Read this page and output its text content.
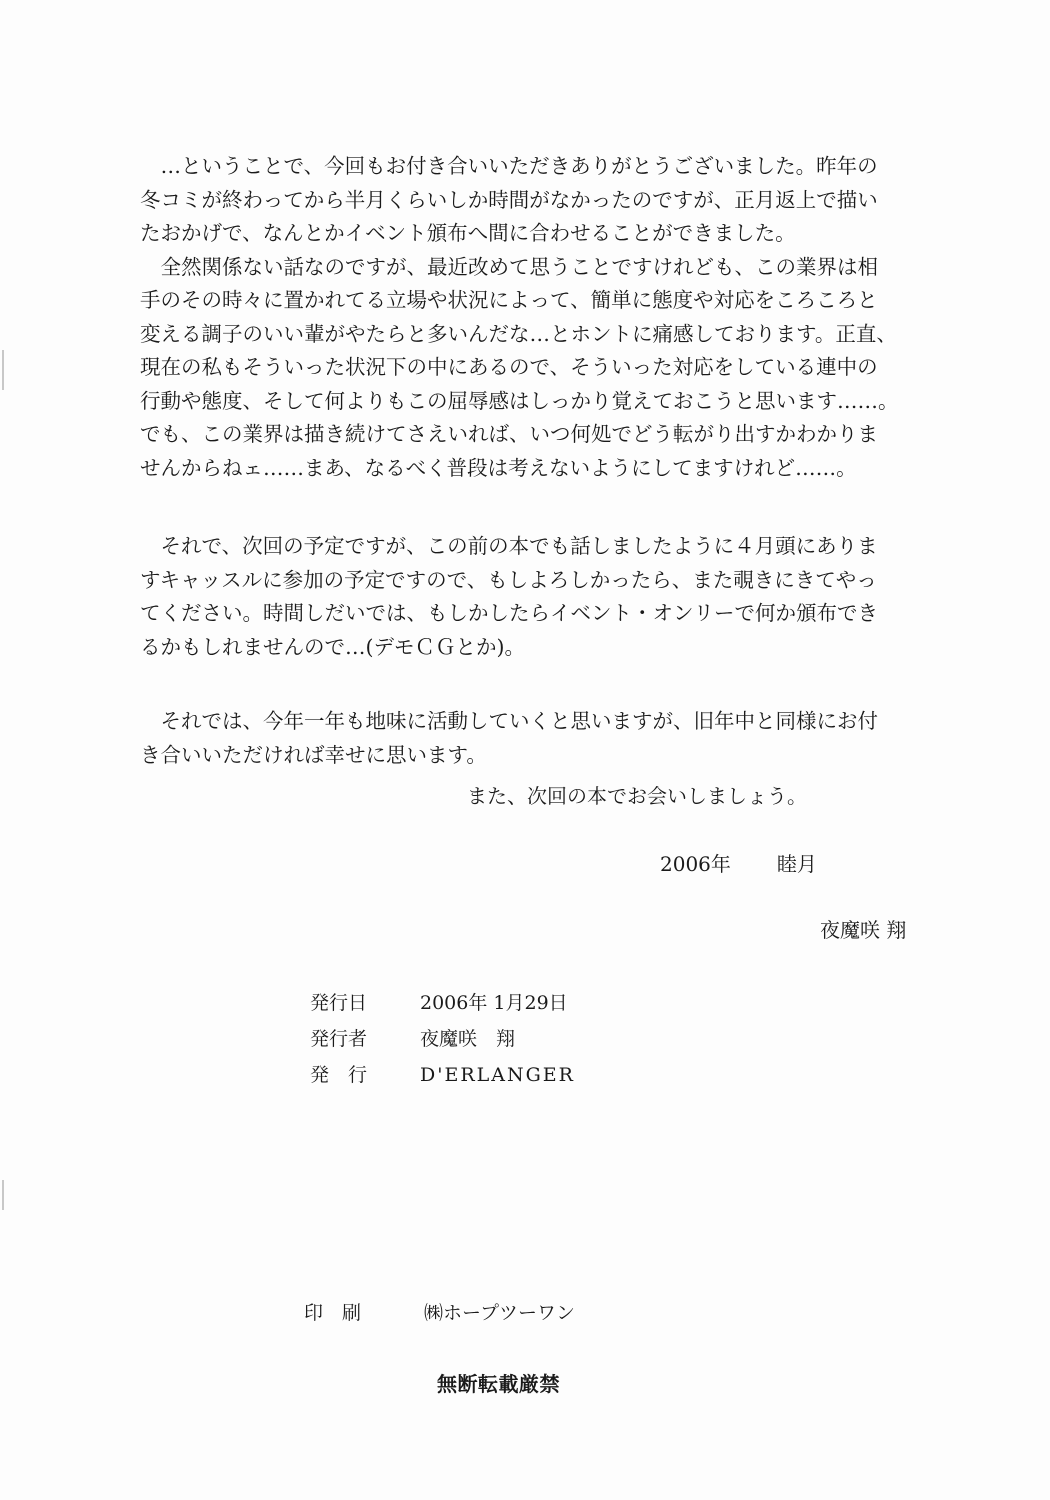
　…ということで、今回もお付き合いいただきありがとうございました。昨年の
冬コミが終わってから半月くらいしか時間がなかったのですが、正月返上で描い
たおかげで、なんとかイベント頒布へ間に合わせることができました。
　全然関係ない話なのですが、最近改めて思うことですけれども、この業界は相
手のその時々に置かれてる立場や状況によって、簡単に態度や対応をころころと
変える調子のいい輩がやたらと多いんだな…とホントに痛感しております。正直、
現在の私もそういった状況下の中にあるので、そういった対応をしている連中の
行動や態度、そして何よりもこの屈辱感はしっかり覚えておこうと思います……。
でも、この業界は描き続けてさえいれば、いつ何処でどう転がり出すかわかりま
せんからねェ……まあ、なるべく普段は考えないようにしてますけれど……。
　それで、次回の予定ですが、この前の本でも話しましたように４月頭にありま
すキャッスルに参加の予定ですので、もしよろしかったら、また覗きにきてやっ
てください。時間しだいでは、もしかしたらイベント・オンリーで何か頒布でき
るかもしれませんので…(デモＣＧとか)。
　それでは、今年一年も地味に活動していくと思いますが、旧年中と同様にお付
き合いいただければ幸せに思います。
また、次回の本でお会いしましょう。
2006年 睦月
夜魔咲 翔
発行日	2006年 1月29日
発行者	夜魔咲　翔
発　行	D'ERLANGER
印　刷	㈱ホープツーワン
無断転載厳禁
